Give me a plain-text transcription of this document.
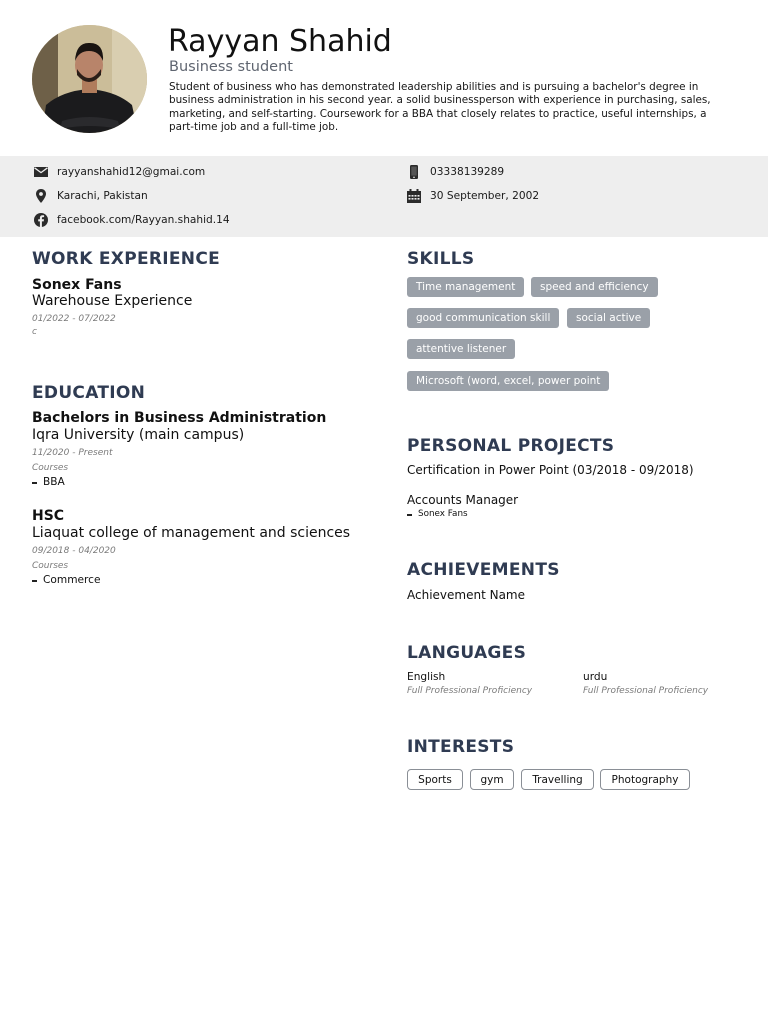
Rayyan Shahid
Business student
Student of business who has demonstrated leadership abilities and is pursuing a bachelor's degree in business administration in his second year. a solid businessperson with experience in purchasing, sales, marketing, and self-starting. Coursework for a BBA that closely relates to practice, useful internships, a part-time job and a full-time job.
rayyanshahid12@gmai.com
Karachi, Pakistan
facebook.com/Rayyan.shahid.14
03338139289
30 September, 2002
WORK EXPERIENCE
Sonex Fans
Warehouse Experience
01/2022 - 07/2022
c
EDUCATION
Bachelors in Business Administration
Iqra University (main campus)
11/2020 - Present
Courses
BBA
HSC
Liaquat college of management and sciences
09/2018 - 04/2020
Courses
Commerce
SKILLS
Time management	speed and efficiency
good communication skill	social active
attentive listener
Microsoft (word, excel, power point
PERSONAL PROJECTS
Certification in Power Point (03/2018 - 09/2018)
Accounts Manager
Sonex Fans
ACHIEVEMENTS
Achievement Name
LANGUAGES
English
Full Professional Proficiency
urdu
Full Professional Proficiency
INTERESTS
Sports	gym	Travelling	Photography
